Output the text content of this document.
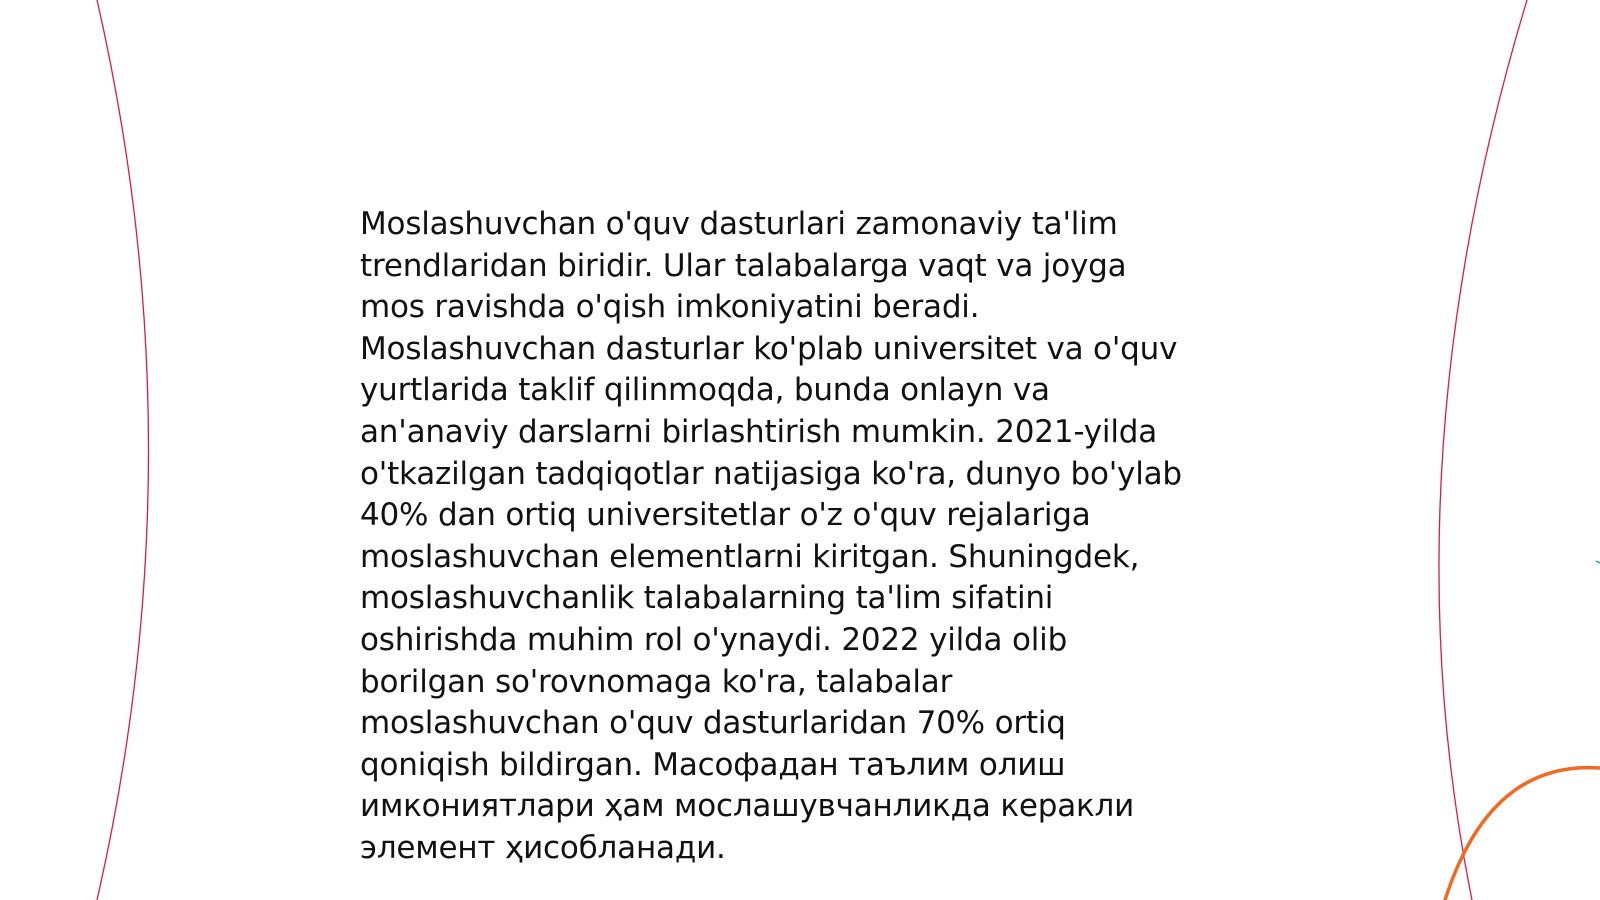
Moslashuvchan o'quv dasturlari zamonaviy ta'lim
trendlaridan biridir. Ular talabalarga vaqt va joyga
mos ravishda o'qish imkoniyatini beradi.
Moslashuvchan dasturlar ko'plab universitet va o'quv
yurtlarida taklif qilinmoqda, bunda onlayn va
an'anaviy darslarni birlashtirish mumkin. 2021-yilda
o'tkazilgan tadqiqotlar natijasiga ko'ra, dunyo bo'ylab
40% dan ortiq universitetlar o'z o'quv rejalariga
moslashuvchan elementlarni kiritgan. Shuningdek,
moslashuvchanlik talabalarning ta'lim sifatini
oshirishda muhim rol o'ynaydi. 2022 yilda olib
borilgan so'rovnomaga ko'ra, talabalar
moslashuvchan o'quv dasturlaridan 70% ortiq
qoniqish bildirgan. Масофадан таълим олиш
имкониятлари ҳам мослашувчанликда керакли
элемент ҳисобланади.
